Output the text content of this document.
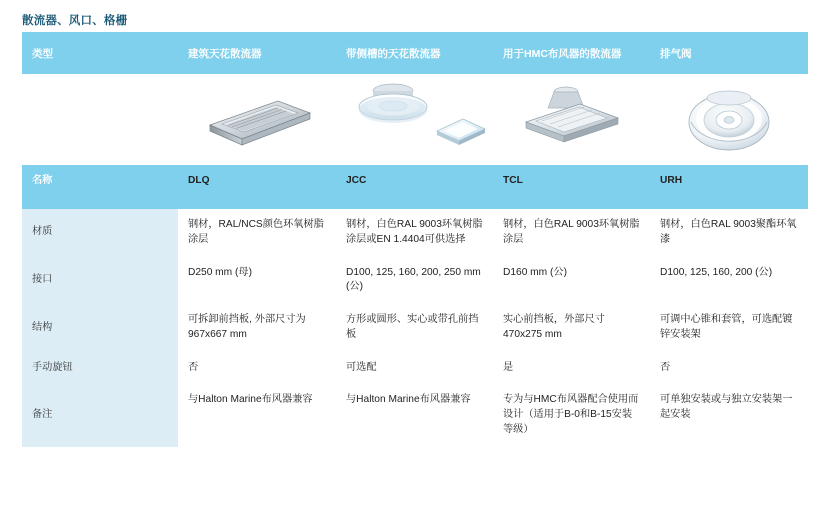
散流器、风口、格栅
类型	建筑天花散流器	带侧槽的天花散流器	用于HMC布风器的散流器	排气阀

名称	DLQ	JCC	TCL	URH
材质	钢材，RAL/NCS颜色环氧树脂涂层	钢材，白色RAL 9003环氧树脂涂层或EN 1.4404可供选择	钢材，白色RAL 9003环氧树脂涂层	钢材，白色RAL 9003聚酯环氧漆
接口	D250 mm (母)	D100, 125, 160, 200, 250 mm (公)	D160 mm (公)	D100, 125, 160, 200 (公)
结构	可拆卸前挡板, 外部尺寸为967x667 mm	方形或圆形、实心或带孔前挡板	实心前挡板，外部尺寸470x275 mm	可调中心锥和套管，可选配镀锌安装架
手动旋钮	否	可选配	是	否
备注	与Halton Marine布风器兼容	与Halton Marine布风器兼容	专为与HMC布风器配合使用而设计（适用于B-0和B-15安装等级）	可单独安装或与独立安装架一起安装
